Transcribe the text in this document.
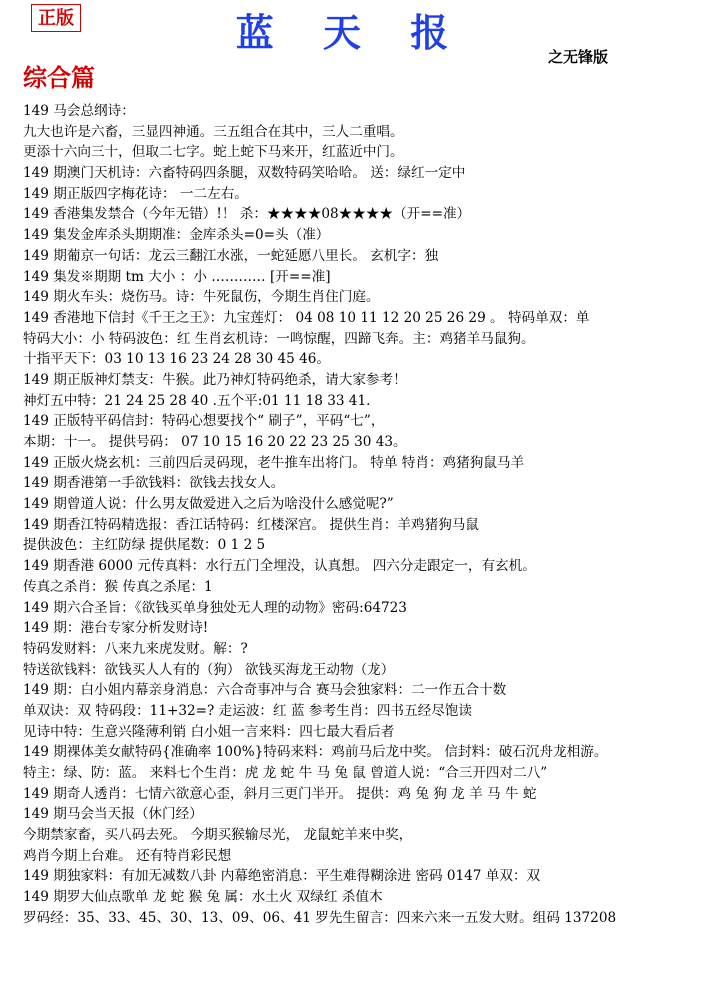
正版	蓝 天 报
之无锋版
综合篇
149 马会总纲诗：
九大也许是六畜，三显四神通。三五组合在其中，三人二重唱。
更添十六向三十，但取二七字。蛇上蛇下马来开，红蓝近中门。
149 期澳门天机诗：六畜特码四条腿，双数特码笑哈哈。 送：绿红一定中
149 期正版四字梅花诗： 一二左右。
149 香港集发禁合（今年无错）!！ 杀：★★★★08★★★★（开==准）
149 集发金库杀头期期准：金库杀头=0=头（准）
149 期葡京一句话：龙云三翻江水涨，一蛇延愿八里长。 玄机字：独
149 集发※期期 tm 大小 ：小 ………… [开==准]
149 期火车头：烧伤马。诗：牛死鼠伤，今期生肖住门庭。
149 香港地下信封《千王之王》：九宝莲灯： 04 08 10 11 12 20 25 26 29 。 特码单双：单
特码大小：小 特码波色：红 生肖玄机诗：一鸣惊醒，四蹄飞奔。主：鸡猪羊马鼠狗。
十指平天下：03 10 13 16 23 24 28 30 45 46。
149 期正版神灯禁支：牛猴。此乃神灯特码绝杀，请大家参考！
神灯五中特：21 24 25 28 40 .五个平:01 11 18 33 41.
149 正版特平码信封：特码心想要找个“ 刷子”，平码“七”，
本期：十一。 提供号码： 07 10 15 16 20 22 23 25 30 43。
149 正版火烧玄机：三前四后灵码现，老牛推车出将门。 特单 特肖：鸡猪狗鼠马羊
149 期香港第一手欲钱料：欲钱去找女人。
149 期曾道人说：什么男友做爱进入之后为啥没什么感觉呢?”
149 期香江特码精选报：香江话特码：红楼深宫。 提供生肖：羊鸡猪狗马鼠
提供波色：主红防绿 提供尾数：0 1 2 5
149 期香港 6000 元传真料：水行五门全埋没，认真想。 四六分走跟定一，有玄机。
传真之杀肖：猴 传真之杀尾：1
149 期六合圣旨：《欲钱买单身独处无人理的动物》密码:64723
149 期：港台专家分析发财诗!
特码发财料：八来九来虎发财。解：?
特送欲钱料：欲钱买人人有的（狗） 欲钱买海龙王动物（龙）
149 期：白小姐内幕亲身消息：六合奇事冲与合 赛马会独家料：二一作五合十数
单双诀：双 特码段：11+32=? 走运波：红 蓝 参考生肖：四书五经尽饱读
见诗中特：生意兴隆薄利销 白小姐一言来料：四七最大看后者
149 期裸体美女献特码{准确率 100%}特码来料：鸡前马后龙中奖。 信封料：破石沉舟龙相游。
特主：绿、防：蓝。 来料七个生肖：虎 龙 蛇 牛 马 兔 鼠 曾道人说：“合三开四对二八”
149 期奇人透肖：七情六欲意心歪，斜月三更门半开。 提供：鸡 兔 狗 龙 羊 马 牛 蛇
149 期马会当天报（休门经）
今期禁家畜，买八码去死。 今期买猴输尽光， 龙鼠蛇羊来中奖，
鸡肖今期上台难。 还有特肖彩民想
149 期独家料：有加无减数八卦 内幕绝密消息：平生难得糊涂进 密码 0147 单双：双
149 期罗大仙点歌单 龙 蛇 猴 兔 属：水土火 双绿红 杀值木
罗码经：35、33、45、30、13、09、06、41 罗先生留言：四来六来一五发大财。组码 137208
